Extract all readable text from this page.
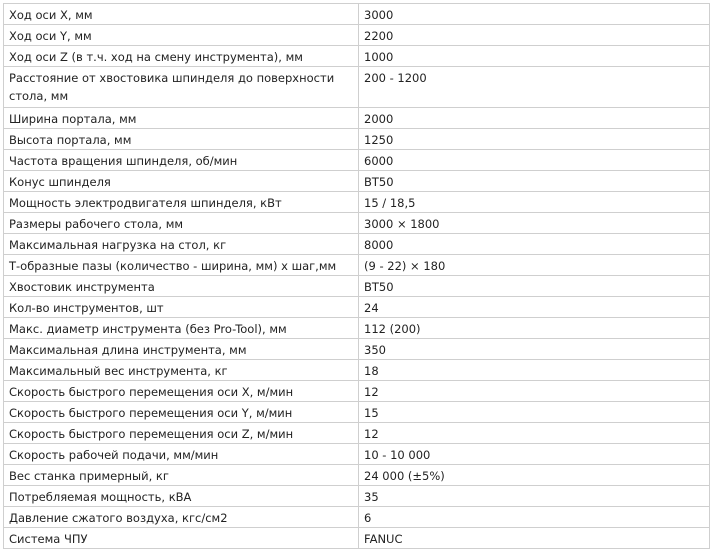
Ход оси X, мм	3000

Ход оси Y, мм	2200

Ход оси Z (в т.ч. ход на смену инструмента), мм	1000

Расстояние от хвостовика шпинделя до поверхности стола, мм	200 - 1200

Ширина портала, мм	2000

Высота портала, мм	1250

Частота вращения шпинделя, об/мин	6000

Конус шпинделя	BT50

Мощность электродвигателя шпинделя, кВт	15 / 18,5

Размеры рабочего стола, мм	3000 × 1800

Максимальная нагрузка на стол, кг	8000

Т-образные пазы (количество - ширина, мм) х шаг,мм	(9 - 22) × 180

Хвостовик инструмента	BT50

Кол-во инструментов, шт	24

Макс. диаметр инструмента (без Pro-Tool), мм	112 (200)

Максимальная длина инструмента, мм	350

Максимальный вес инструмента, кг	18

Скорость быстрого перемещения оси X, м/мин	12

Скорость быстрого перемещения оси Y, м/мин	15

Скорость быстрого перемещения оси Z, м/мин	12

Скорость рабочей подачи, мм/мин	10 - 10 000

Вес станка примерный, кг	24 000 (±5%)

Потребляемая мощность, кВА	35

Давление сжатого воздуха, кгс/см2	6

Система ЧПУ	FANUC
